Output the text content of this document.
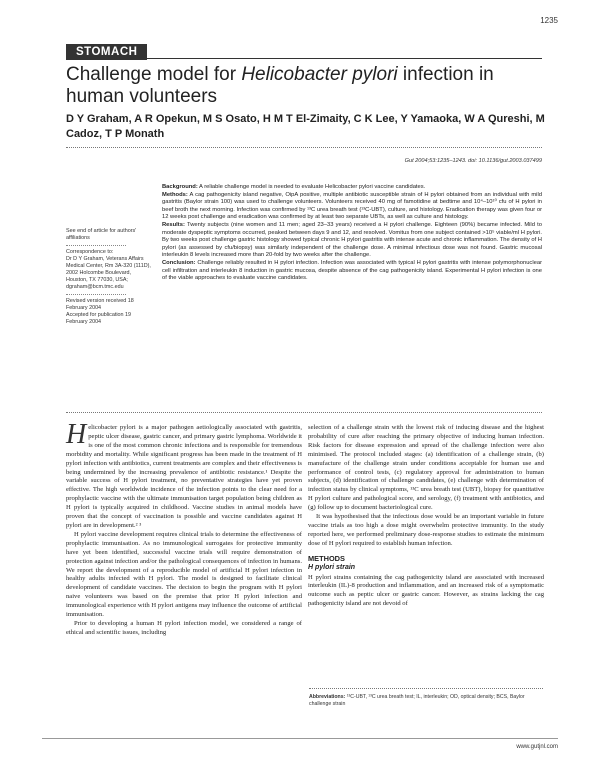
1235
STOMACH
Challenge model for Helicobacter pylori infection in human volunteers
D Y Graham, A R Opekun, M S Osato, H M T El-Zimaity, C K Lee, Y Yamaoka, W A Qureshi, M Cadoz, T P Monath
Gut 2004;53:1235–1243. doi: 10.1136/gut.2003.037499
See end of article for authors' affiliations
Correspondence to:
Dr D Y Graham, Veterans Affairs Medical Center, Rm 3A-320 (111D), 2002 Holcombe Boulevard, Houston, TX 77030, USA; dgraham@bcm.tmc.edu
Revised version received 18 February 2004
Accepted for publication 19 February 2004

Background: A reliable challenge model is needed to evaluate Helicobacter pylori vaccine candidates.

Methods: A cag pathogenicity island negative, OipA positive, multiple antibiotic susceptible strain of H pylori obtained from an individual with mild gastritis (Baylor strain 100) was used to challenge volunteers. Volunteers received 40 mg of famotidine at bedtime and 10⁴–10¹⁰ cfu of H pylori in beef broth the next morning. Infection was confirmed by ¹³C urea breath test (¹³C-UBT), culture, and histology. Eradication therapy was given four or 12 weeks post challenge and eradication was confirmed by at least two separate UBTs, as well as culture and histology.

Results: Twenty subjects (nine women and 11 men; aged 23–33 years) received a H pylori challenge. Eighteen (90%) became infected. Mild to moderate dyspeptic symptoms occurred, peaked between days 9 and 12, and resolved. Vomitus from one subject contained >10⁵ viable/ml H pylori. By two weeks post challenge gastric histology showed typical chronic H pylori gastritis with intense acute and chronic inflammation. The density of H pylori (as assessed by cfu/biopsy) was similarly independent of the challenge dose. A minimal infectious dose was not found. Gastric mucosal interleukin 8 levels increased more than 20-fold by two weeks after the challenge.

Conclusion: Challenge reliably resulted in H pylori infection. Infection was associated with typical H pylori gastritis with intense polymorphonuclear cell infiltration and interleukin 8 induction in gastric mucosa, despite absence of the cag pathogenicity island. Experimental H pylori infection is one of the viable approaches to evaluate vaccine candidates.

Helicobacter pylori is a major pathogen aetiologically associated with gastritis, peptic ulcer disease, gastric cancer, and primary gastric lymphoma. Worldwide it is one of the most common chronic infections and is responsible for tremendous morbidity and mortality. While significant progress has been made in the treatment of H pylori infection with antibiotics, current treatments are complex and their effectiveness is being undermined by the increasing prevalence of antibiotic resistance.¹ Despite the variable success of H pylori treatment, no preventative strategies have yet proven effective. The high worldwide incidence of the infection points to the clear need for a prophylactic vaccine with the ultimate immunisation target population being children as H pylori is typically acquired in childhood. Vaccine studies in animal models have proven that the concept of vaccination is possible and vaccine candidates against H pylori are in development.² ³

H pylori vaccine development requires clinical trials to determine the effectiveness of prophylactic immunisation. As no immunological surrogates for protective immunity have yet been identified, successful vaccine trials will require demonstration of protection against infection and/or the pathological consequences of infection in humans. We report the development of a reproducible model of artificial H pylori infection in healthy adults infected with H pylori. The model is designed to facilitate clinical development of candidate vaccines. The decision to begin the program with H pylori naive volunteers was based on the premise that prior H pylori infection and immunological experience with H pylori antigens may influence the outcome of artificial immunisation.

Prior to developing a human H pylori infection model, we considered a range of ethical and scientific issues, including

selection of a challenge strain with the lowest risk of inducing disease and the highest probability of cure after reaching the primary objective of inducing human infection. Risk factors for disease expression and spread of the challenge infection were also minimised. The protocol included stages: (a) identification of a challenge strain, (b) manufacture of the challenge strain under conditions acceptable for human use and performance of control tests, (c) regulatory approval for administration to human subjects, (d) identification of challenge candidates, (e) challenge with determination of infection status by clinical symptoms, ¹³C urea breath test (UBT), biopsy for quantitative H pylori culture and pathological score, and serology, (f) treatment with antibiotics, and (g) follow up to document bacteriological cure.

It was hypothesised that the infectious dose would be an important variable in future vaccine trials as too high a dose might overwhelm protective immunity. In the study reported here, we performed preliminary dose-response studies to estimate the minimum dose of H pylori required to establish human infection.

METHODS
H pylori strain

H pylori strains containing the cag pathogenicity island are associated with increased interleukin (IL)-8 production and inflammation, and an increased risk of a symptomatic outcome such as peptic ulcer or gastric cancer. However, as strains lacking the cag pathogenicity island are not devoid of

Abbreviations: ¹³C-UBT, ¹³C urea breath test; IL, interleukin; OD, optical density; BCS, Baylor challenge strain
www.gutjnl.com
